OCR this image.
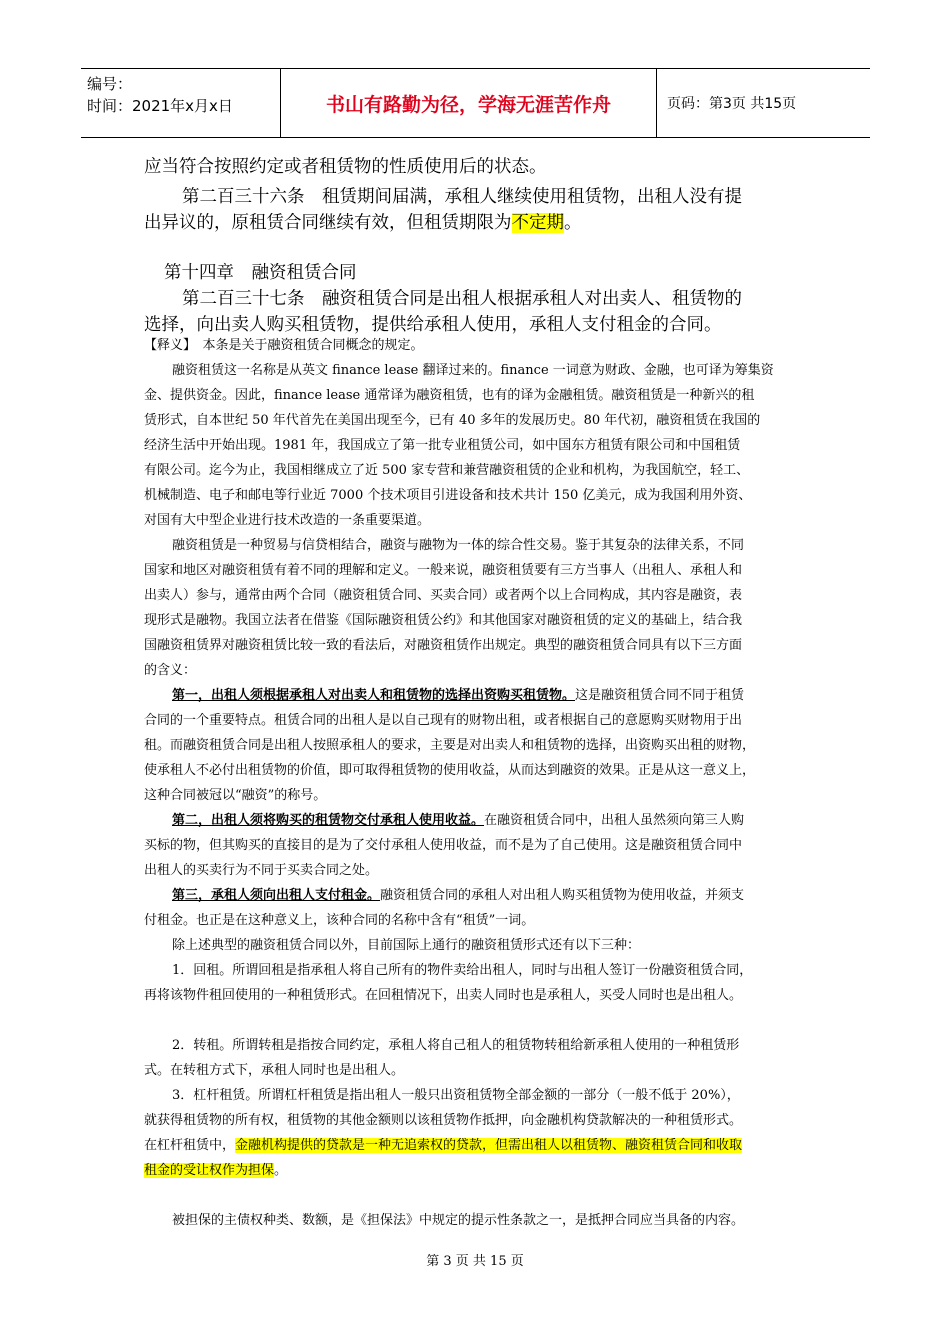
编号：
时间：2021年x月x日	书山有路勤为径，学海无涯苦作舟	页码：第3页 共15页
应当符合按照约定或者租赁物的性质使用后的状态。
第二百三十六条　租赁期间届满，承租人继续使用租赁物，出租人没有提
出异议的，原租赁合同继续有效，但租赁期限为不定期。
第十四章　融资租赁合同
第二百三十七条　融资租赁合同是出租人根据承租人对出卖人、租赁物的
选择，向出卖人购买租赁物，提供给承租人使用，承租人支付租金的合同。
【释义】　本条是关于融资租赁合同概念的规定。
融资租赁这一名称是从英文 finance lease 翻译过来的。finance 一词意为财政、金融，也可译为筹集资
金、提供资金。因此，finance lease 通常译为融资租赁，也有的译为金融租赁。融资租赁是一种新兴的租
赁形式，自本世纪 50 年代首先在美国出现至今，已有 40 多年的发展历史。80 年代初，融资租赁在我国的
经济生活中开始出现。1981 年，我国成立了第一批专业租赁公司，如中国东方租赁有限公司和中国租赁
有限公司。迄今为止，我国相继成立了近 500 家专营和兼营融资租赁的企业和机构，为我国航空，轻工、
机械制造、电子和邮电等行业近 7000 个技术项目引进设备和技术共计 150 亿美元，成为我国利用外资、
对国有大中型企业进行技术改造的一条重要渠道。
融资租赁是一种贸易与信贷相结合，融资与融物为一体的综合性交易。鉴于其复杂的法律关系，不同
国家和地区对融资租赁有着不同的理解和定义。一般来说，融资租赁要有三方当事人（出租人、承租人和
出卖人）参与，通常由两个合同（融资租赁合同、买卖合同）或者两个以上合同构成，其内容是融资，表
现形式是融物。我国立法者在借鉴《国际融资租赁公约》和其他国家对融资租赁的定义的基础上，结合我
国融资租赁界对融资租赁比较一致的看法后，对融资租赁作出规定。典型的融资租赁合同具有以下三方面
的含义：
第一，出租人须根据承租人对出卖人和租赁物的选择出资购买租赁物。这是融资租赁合同不同于租赁
合同的一个重要特点。租赁合同的出租人是以自己现有的财物出租，或者根据自己的意愿购买财物用于出
租。而融资租赁合同是出租人按照承租人的要求，主要是对出卖人和租赁物的选择，出资购买出租的财物，
使承租人不必付出租赁物的价值，即可取得租赁物的使用收益，从而达到融资的效果。正是从这一意义上，
这种合同被冠以“融资”的称号。
第二，出租人须将购买的租赁物交付承租人使用收益。在融资租赁合同中，出租人虽然须向第三人购
买标的物，但其购买的直接目的是为了交付承租人使用收益，而不是为了自己使用。这是融资租赁合同中
出租人的买卖行为不同于买卖合同之处。
第三，承租人须向出租人支付租金。融资租赁合同的承租人对出租人购买租赁物为使用收益，并须支
付租金。也正是在这种意义上，该种合同的名称中含有“租赁”一词。
除上述典型的融资租赁合同以外，目前国际上通行的融资租赁形式还有以下三种：
1．回租。所谓回租是指承租人将自己所有的物件卖给出租人，同时与出租人签订一份融资租赁合同，
再将该物件租回使用的一种租赁形式。在回租情况下，出卖人同时也是承租人，买受人同时也是出租人。
2．转租。所谓转租是指按合同约定，承租人将自己租人的租赁物转租给新承租人使用的一种租赁形
式。在转租方式下，承租人同时也是出租人。
3．杠杆租赁。所谓杠杆租赁是指出租人一般只出资租赁物全部金额的一部分（一般不低于 20%），
就获得租赁物的所有权，租赁物的其他金额则以该租赁物作抵押，向金融机构贷款解决的一种租赁形式。
在杠杆租赁中，金融机构提供的贷款是一种无追索权的贷款，但需出租人以租赁物、融资租赁合同和收取
租金的受让权作为担保。
被担保的主债权种类、数额，是《担保法》中规定的提示性条款之一，是抵押合同应当具备的内容。
第 3 页 共 15 页
